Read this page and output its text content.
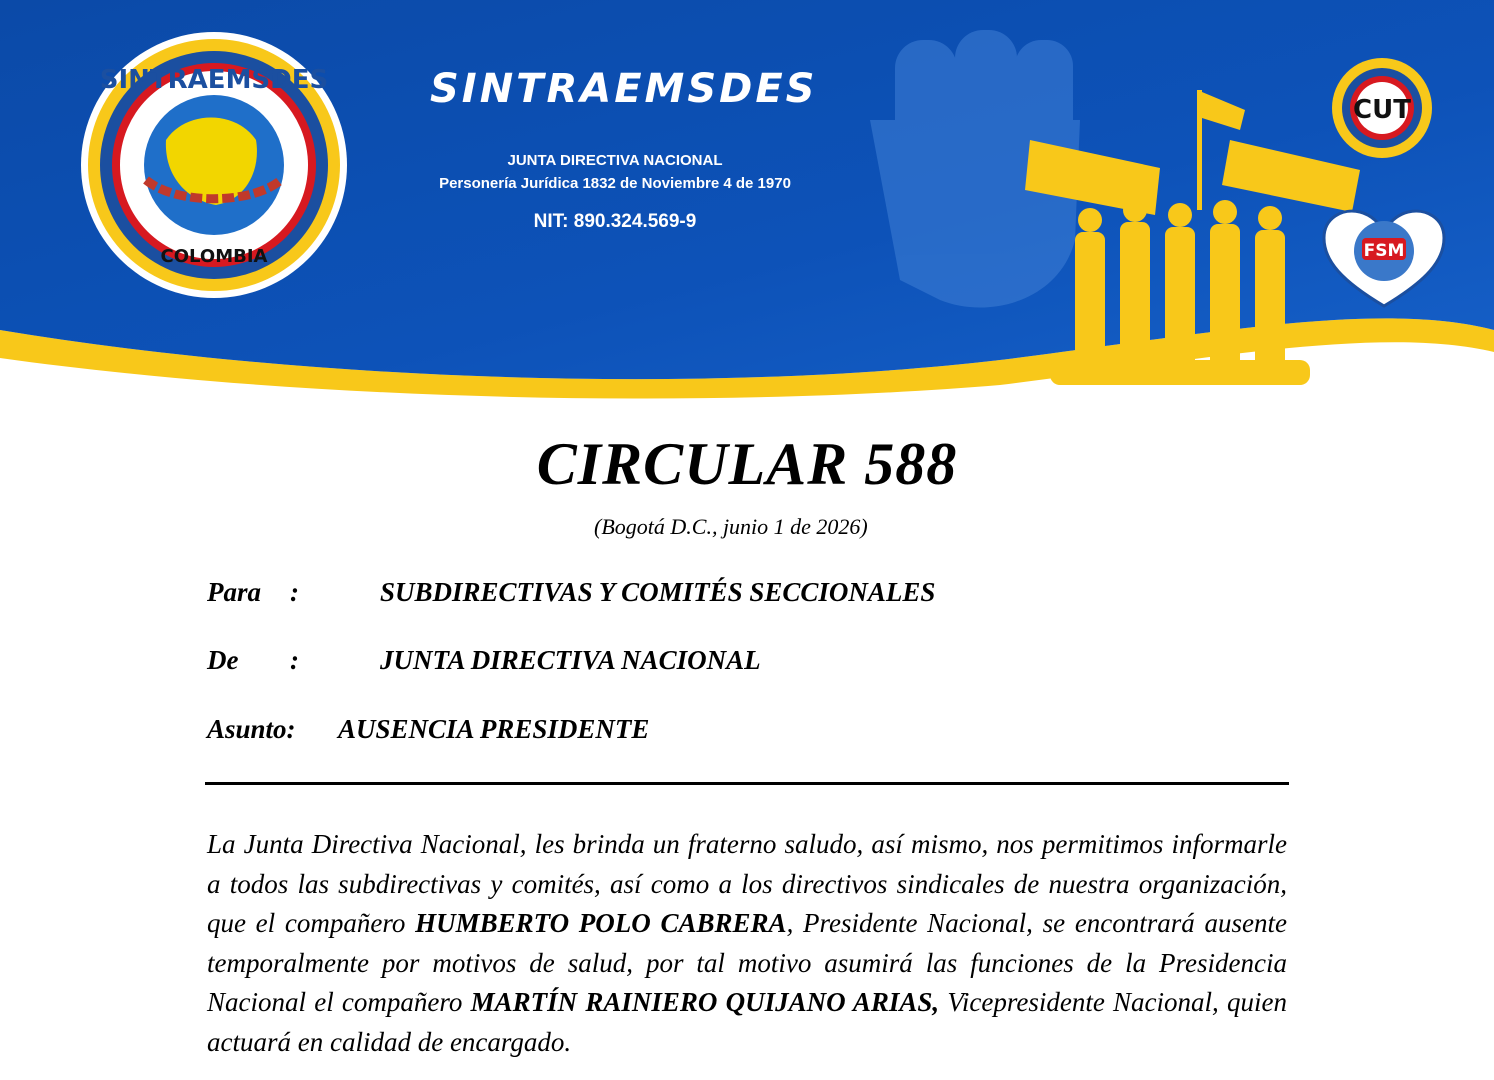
SINTRAEMSDES
COLOMBIA
SINTRAEMSDES
JUNTA DIRECTIVA NACIONAL
Personería Jurídica 1832 de Noviembre 4 de 1970
NIT: 890.324.569-9
CUT
FSM
CIRCULAR 588
(Bogotá D.C., junio 1 de 2026)
Para :	SUBDIRECTIVAS Y COMITÉS SECCIONALES
De :	JUNTA DIRECTIVA NACIONAL
Asunto: AUSENCIA PRESIDENTE
La Junta Directiva Nacional, les brinda un fraterno saludo, así mismo, nos permitimos informarle a todos las subdirectivas y comités, así como a los directivos sindicales de nuestra organización, que el compañero HUMBERTO POLO CABRERA, Presidente Nacional, se encontrará ausente temporalmente por motivos de salud, por tal motivo asumirá las funciones de la Presidencia Nacional el compañero MARTÍN RAINIERO QUIJANO ARIAS, Vicepresidente Nacional, quien actuará en calidad de encargado.
